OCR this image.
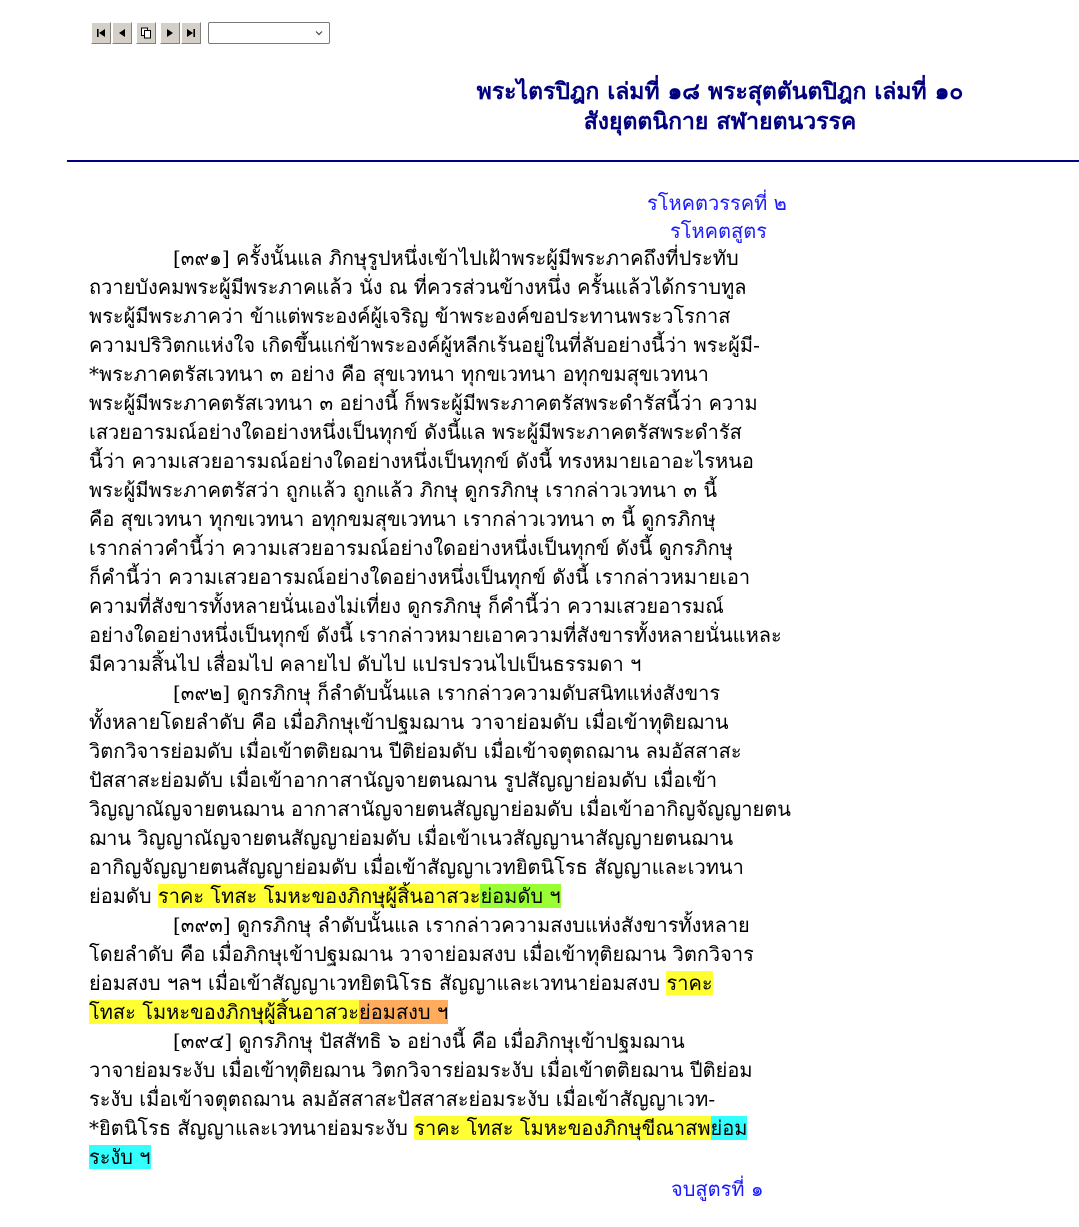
พระไตรปิฎก เล่มที่ ๑๘ พระสุตตันตปิฎก เล่มที่ ๑๐
สังยุตตนิกาย สฬายตนวรรค
รโหคตวรรคที่ ๒
รโหคตสูตร
[๓๙๑] ครั้งนั้นแล ภิกษุรูปหนึ่งเข้าไปเฝ้าพระผู้มีพระภาคถึงที่ประทับ
ถวายบังคมพระผู้มีพระภาคแล้ว นั่ง ณ ที่ควรส่วนข้างหนึ่ง ครั้นแล้วได้กราบทูล
พระผู้มีพระภาคว่า ข้าแต่พระองค์ผู้เจริญ ข้าพระองค์ขอประทานพระวโรกาส
ความปริวิตกแห่งใจ เกิดขึ้นแก่ข้าพระองค์ผู้หลีกเร้นอยู่ในที่ลับอย่างนี้ว่า พระผู้มี-
*พระภาคตรัสเวทนา ๓ อย่าง คือ สุขเวทนา ทุกขเวทนา อทุกขมสุขเวทนา
พระผู้มีพระภาคตรัสเวทนา ๓ อย่างนี้ ก็พระผู้มีพระภาคตรัสพระดำรัสนี้ว่า ความ
เสวยอารมณ์อย่างใดอย่างหนึ่งเป็นทุกข์ ดังนี้แล พระผู้มีพระภาคตรัสพระดำรัส
นี้ว่า ความเสวยอารมณ์อย่างใดอย่างหนึ่งเป็นทุกข์ ดังนี้ ทรงหมายเอาอะไรหนอ
พระผู้มีพระภาคตรัสว่า ถูกแล้ว ถูกแล้ว ภิกษุ ดูกรภิกษุ เรากล่าวเวทนา ๓ นี้
คือ สุขเวทนา ทุกขเวทนา อทุกขมสุขเวทนา เรากล่าวเวทนา ๓ นี้ ดูกรภิกษุ
เรากล่าวคำนี้ว่า ความเสวยอารมณ์อย่างใดอย่างหนึ่งเป็นทุกข์ ดังนี้ ดูกรภิกษุ
ก็คำนี้ว่า ความเสวยอารมณ์อย่างใดอย่างหนึ่งเป็นทุกข์ ดังนี้ เรากล่าวหมายเอา
ความที่สังขารทั้งหลายนั่นเองไม่เที่ยง ดูกรภิกษุ ก็คำนี้ว่า ความเสวยอารมณ์
อย่างใดอย่างหนึ่งเป็นทุกข์ ดังนี้ เรากล่าวหมายเอาความที่สังขารทั้งหลายนั่นแหละ
มีความสิ้นไป เสื่อมไป คลายไป ดับไป แปรปรวนไปเป็นธรรมดา ฯ
[๓๙๒] ดูกรภิกษุ ก็ลำดับนั้นแล เรากล่าวความดับสนิทแห่งสังขาร
ทั้งหลายโดยลำดับ คือ เมื่อภิกษุเข้าปฐมฌาน วาจาย่อมดับ เมื่อเข้าทุติยฌาน
วิตกวิจารย่อมดับ เมื่อเข้าตติยฌาน ปีติย่อมดับ เมื่อเข้าจตุตถฌาน ลมอัสสาสะ
ปัสสาสะย่อมดับ เมื่อเข้าอากาสานัญจายตนฌาน รูปสัญญาย่อมดับ เมื่อเข้า
วิญญาณัญจายตนฌาน อากาสานัญจายตนสัญญาย่อมดับ เมื่อเข้าอากิญจัญญายตน
ฌาน วิญญาณัญจายตนสัญญาย่อมดับ เมื่อเข้าเนวสัญญานาสัญญายตนฌาน
อากิญจัญญายตนสัญญาย่อมดับ เมื่อเข้าสัญญาเวทยิตนิโรธ สัญญาและเวทนา
ย่อมดับ ราคะ โทสะ โมหะของภิกษุผู้สิ้นอาสวะย่อมดับ ฯ
[๓๙๓] ดูกรภิกษุ ลำดับนั้นแล เรากล่าวความสงบแห่งสังขารทั้งหลาย
โดยลำดับ คือ เมื่อภิกษุเข้าปฐมฌาน วาจาย่อมสงบ เมื่อเข้าทุติยฌาน วิตกวิจาร
ย่อมสงบ ฯลฯ เมื่อเข้าสัญญาเวทยิตนิโรธ สัญญาและเวทนาย่อมสงบ ราคะ
โทสะ โมหะของภิกษุผู้สิ้นอาสวะย่อมสงบ ฯ
[๓๙๔] ดูกรภิกษุ ปัสสัทธิ ๖ อย่างนี้ คือ เมื่อภิกษุเข้าปฐมฌาน
วาจาย่อมระงับ เมื่อเข้าทุติยฌาน วิตกวิจารย่อมระงับ เมื่อเข้าตติยฌาน ปีติย่อม
ระงับ เมื่อเข้าจตุตถฌาน ลมอัสสาสะปัสสาสะย่อมระงับ เมื่อเข้าสัญญาเวท-
*ยิตนิโรธ สัญญาและเวทนาย่อมระงับ ราคะ โทสะ โมหะของภิกษุขีณาสพย่อม
ระงับ ฯ
จบสูตรที่ ๑
